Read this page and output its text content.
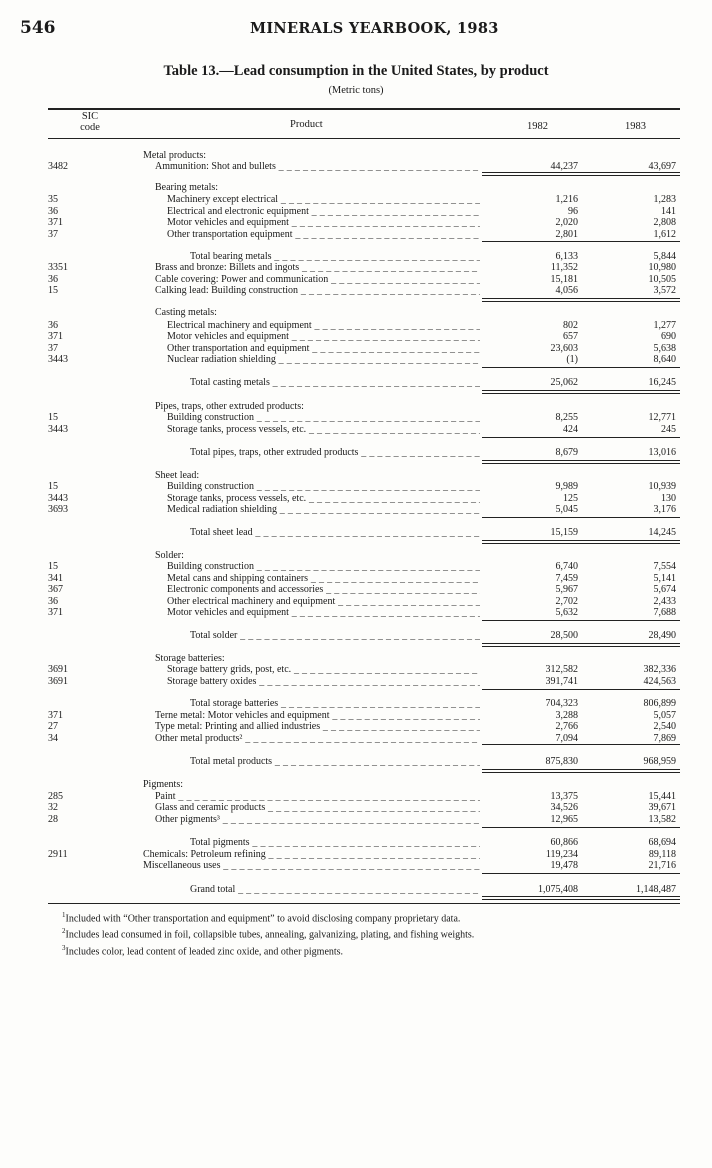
546	MINERALS YEARBOOK, 1983
Table 13.—Lead consumption in the United States, by product
(Metric tons)
SIC
code	Product	1982	1983
Metal products:
3482	Ammunition: Shot and bullets _ _ _	44,237	43,697
Bearing metals:
35	Machinery except electrical _ _ _	1,216	1,283
36	Electrical and electronic equipment _ _ _	96	141
371	Motor vehicles and equipment _ _ _	2,020	2,808
37	Other transportation equipment _ _ _	2,801	1,612
Total bearing metals _ _ _	6,133	5,844
3351	Brass and bronze: Billets and ingots _ _ _	11,352	10,980
36	Cable covering: Power and communication _ _ _	15,181	10,505
15	Calking lead: Building construction _ _ _	4,056	3,572
Casting metals:
36	Electrical machinery and equipment _ _ _	802	1,277
371	Motor vehicles and equipment _ _ _	657	690
37	Other transportation and equipment _ _ _	23,603	5,638
3443	Nuclear radiation shielding _ _ _	(1)	8,640
Total casting metals _ _ _	25,062	16,245
Pipes, traps, other extruded products:
15	Building construction _ _ _	8,255	12,771
3443	Storage tanks, process vessels, etc. _ _ _	424	245
Total pipes, traps, other extruded products _ _ _	8,679	13,016
Sheet lead:
15	Building construction _ _ _	9,989	10,939
3443	Storage tanks, process vessels, etc. _ _ _	125	130
3693	Medical radiation shielding _ _ _	5,045	3,176
Total sheet lead _ _ _	15,159	14,245
Solder:
15	Building construction _ _ _	6,740	7,554
341	Metal cans and shipping containers _ _ _	7,459	5,141
367	Electronic components and accessories _ _ _	5,967	5,674
36	Other electrical machinery and equipment _ _ _	2,702	2,433
371	Motor vehicles and equipment _ _ _	5,632	7,688
Total solder _ _ _	28,500	28,490
Storage batteries:
3691	Storage battery grids, post, etc. _ _ _	312,582	382,336
3691	Storage battery oxides _ _ _	391,741	424,563
Total storage batteries _ _ _	704,323	806,899
371	Terne metal: Motor vehicles and equipment _ _ _	3,288	5,057
27	Type metal: Printing and allied industries _ _ _	2,766	2,540
34	Other metal products² _ _ _	7,094	7,869
Total metal products _ _ _	875,830	968,959
Pigments:
285	Paint _ _ _	13,375	15,441
32	Glass and ceramic products _ _ _	34,526	39,671
28	Other pigments³ _ _ _	12,965	13,582
Total pigments _ _ _	60,866	68,694
2911	Chemicals: Petroleum refining _ _ _	119,234	89,118
Miscellaneous uses _ _ _	19,478	21,716
Grand total _ _ _	1,075,408	1,148,487
$^1$Included with “Other transportation and equipment” to avoid disclosing company proprietary data.
$^2$Includes lead consumed in foil, collapsible tubes, annealing, galvanizing, plating, and fishing weights.
$^3$Includes color, lead content of leaded zinc oxide, and other pigments.
